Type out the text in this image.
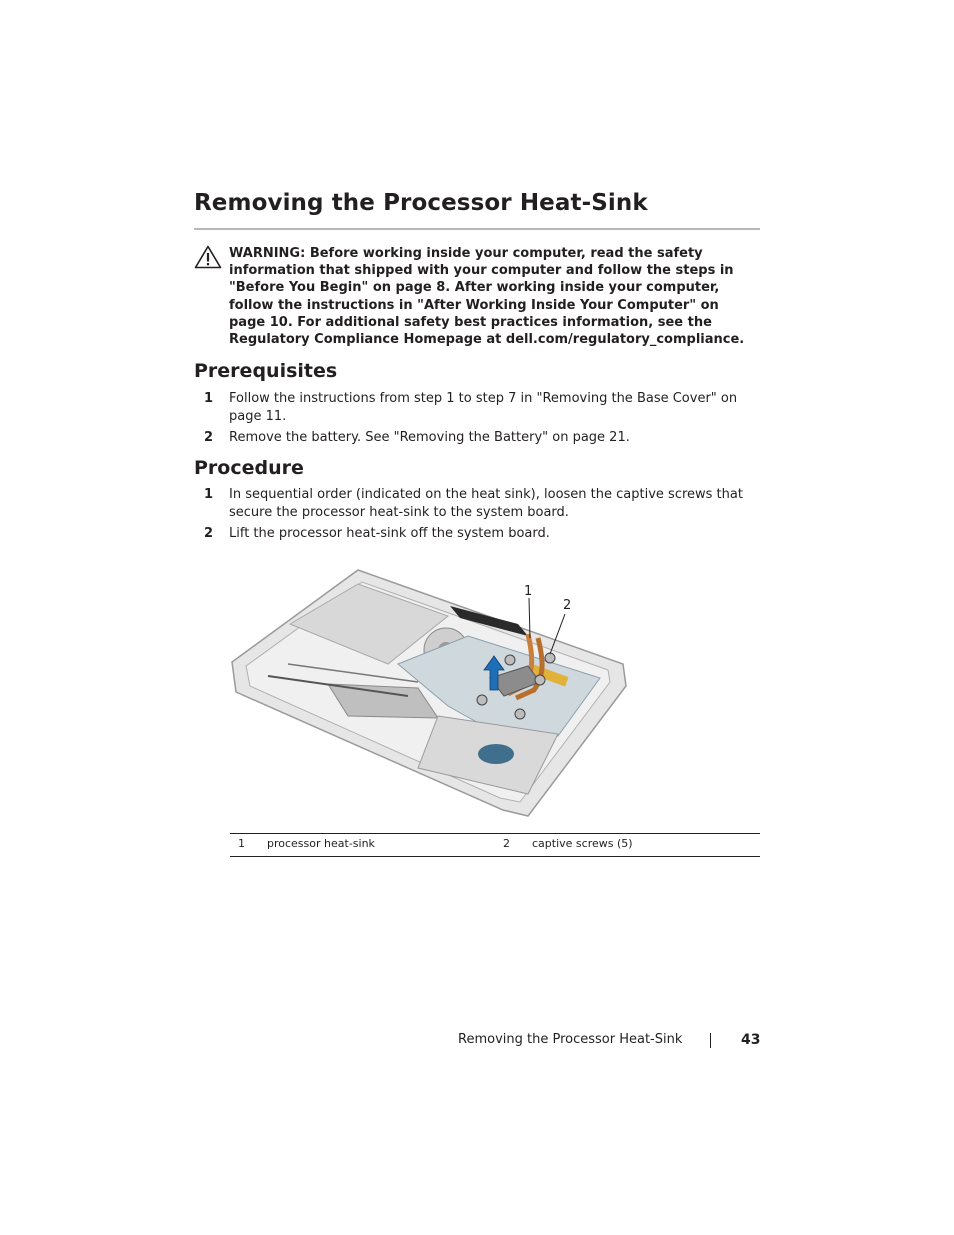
Removing the Processor Heat-Sink
WARNING: Before working inside your computer, read the safety information that shipped with your computer and follow the steps in "Before You Begin" on page 8. After working inside your computer, follow the instructions in "After Working Inside Your Computer" on page 10. For additional safety best practices information, see the Regulatory Compliance Homepage at dell.com/regulatory_compliance.
Prerequisites
1 Follow the instructions from step 1 to step 7 in "Removing the Base Cover" on page 11.
2 Remove the battery. See "Removing the Battery" on page 21.
Procedure
1 In sequential order (indicated on the heat sink), loosen the captive screws that secure the processor heat-sink to the system board.
2 Lift the processor heat-sink off the system board.
1
2
1 processor heat-sink	2 captive screws (5)
Removing the Processor Heat-Sink	43
